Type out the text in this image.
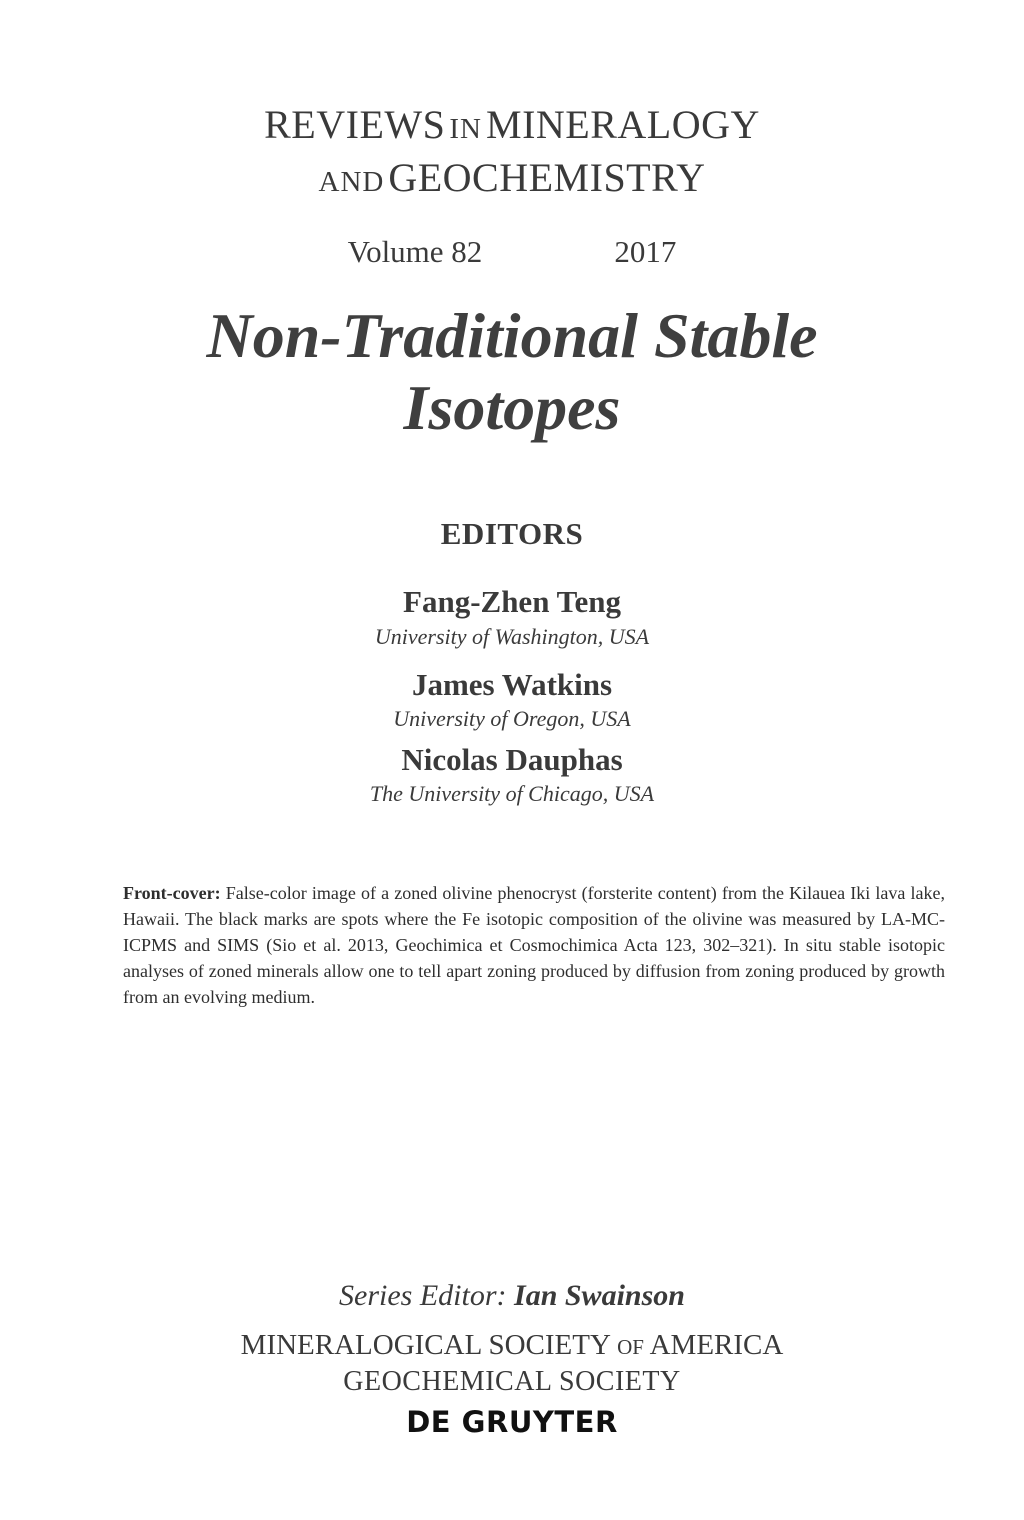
REVIEWS IN MINERALOGY
AND GEOCHEMISTRY
Volume 82	2017
Non-Traditional Stable
Isotopes
EDITORS
Fang-Zhen Teng
University of Washington, USA
James Watkins
University of Oregon, USA
Nicolas Dauphas
The University of Chicago, USA
Front-cover: False-color image of a zoned olivine phenocryst (forsterite content) from the Kilauea Iki lava lake, Hawaii. The black marks are spots where the Fe isotopic composition of the olivine was measured by LA-MC-ICPMS and SIMS (Sio et al. 2013, Geochimica et Cosmochimica Acta 123, 302–321). In situ stable isotopic analyses of zoned minerals allow one to tell apart zoning produced by diffusion from zoning produced by growth from an evolving medium.
Series Editor: Ian Swainson
MINERALOGICAL SOCIETY OF AMERICA
GEOCHEMICAL SOCIETY
DE GRUYTER
